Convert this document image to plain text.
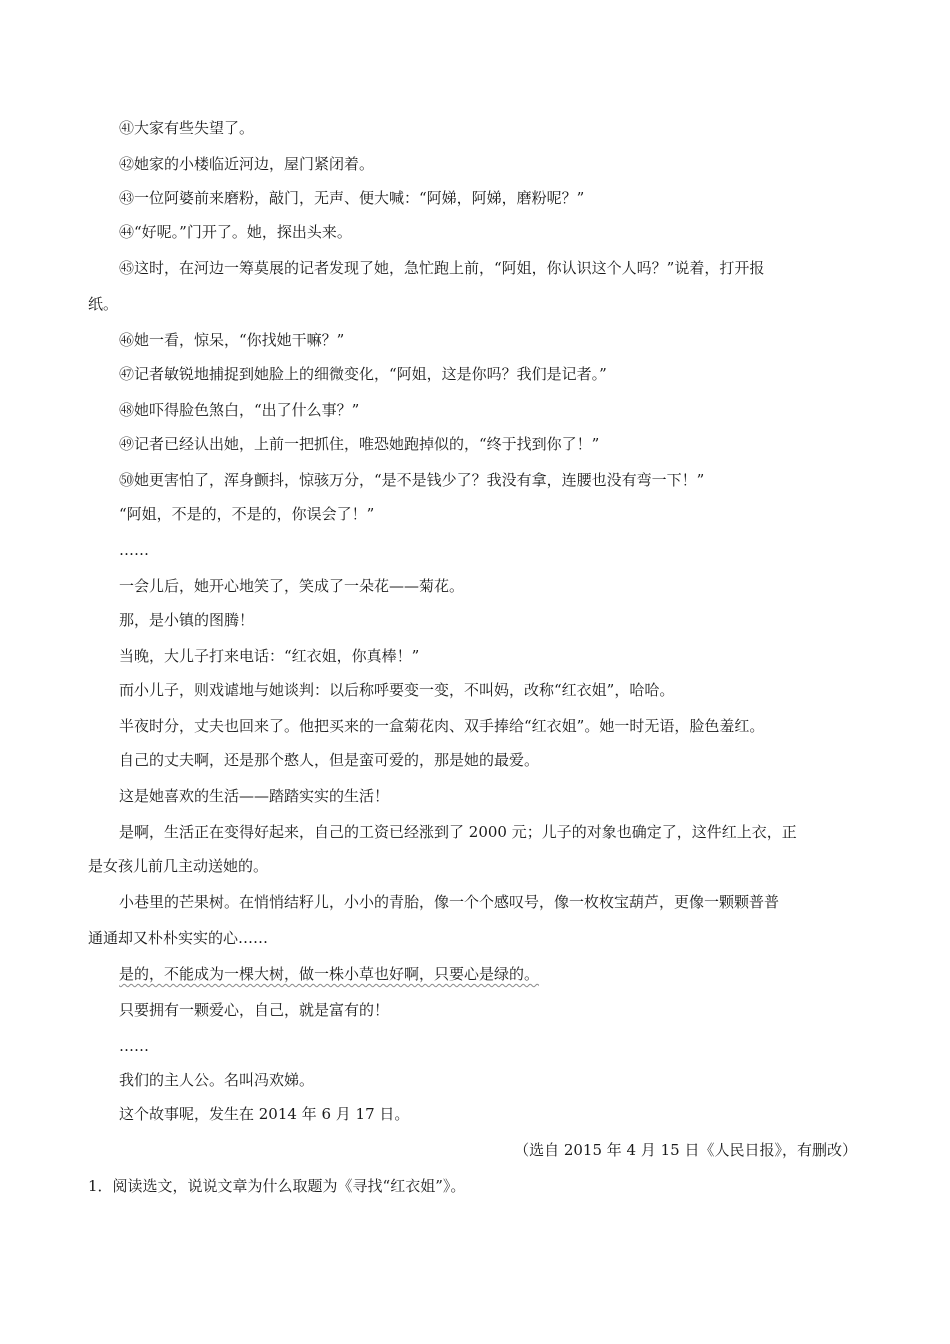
㊶大家有些失望了。
㊷她家的小楼临近河边，屋门紧闭着。
㊸一位阿婆前来磨粉，敲门，无声、便大喊：“阿娣，阿娣，磨粉呢？”
㊹“好呢。”门开了。她，探出头来。
㊺这时，在河边一筹莫展的记者发现了她，急忙跑上前，“阿姐，你认识这个人吗？”说着，打开报
纸。
㊻她一看，惊呆，“你找她干嘛？”
㊼记者敏锐地捕捉到她脸上的细微变化，“阿姐，这是你吗？我们是记者。”
㊽她吓得脸色煞白，“出了什么事？”
㊾记者已经认出她，上前一把抓住，唯恐她跑掉似的，“终于找到你了！”
㊿她更害怕了，浑身颤抖，惊骇万分，“是不是钱少了？我没有拿，连腰也没有弯一下！”
“阿姐，不是的，不是的，你误会了！”
……
一会儿后，她开心地笑了，笑成了一朵花——菊花。
那，是小镇的图腾！
当晚，大儿子打来电话：“红衣姐，你真棒！”
而小儿子，则戏谑地与她谈判：以后称呼要变一变，不叫妈，改称“红衣姐”，哈哈。
半夜时分，丈夫也回来了。他把买来的一盒菊花肉、双手捧给“红衣姐”。她一时无语，脸色羞红。
自己的丈夫啊，还是那个憨人，但是蛮可爱的，那是她的最爱。
这是她喜欢的生活——踏踏实实的生活！
是啊，生活正在变得好起来，自己的工资已经涨到了 2000 元；儿子的对象也确定了，这件红上衣，正
是女孩儿前几主动送她的。
小巷里的芒果树。在悄悄结籽儿，小小的青胎，像一个个感叹号，像一枚枚宝葫芦，更像一颗颗普普
通通却又朴朴实实的心……
是的，不能成为一棵大树，做一株小草也好啊，只要心是绿的。
只要拥有一颗爱心，自己，就是富有的！
……
我们的主人公。名叫冯欢娣。
这个故事呢，发生在 2014 年 6 月 17 日。
（选自 2015 年 4 月 15 日《人民日报》，有删改）
1．阅读选文，说说文章为什么取题为《寻找“红衣姐”》。
